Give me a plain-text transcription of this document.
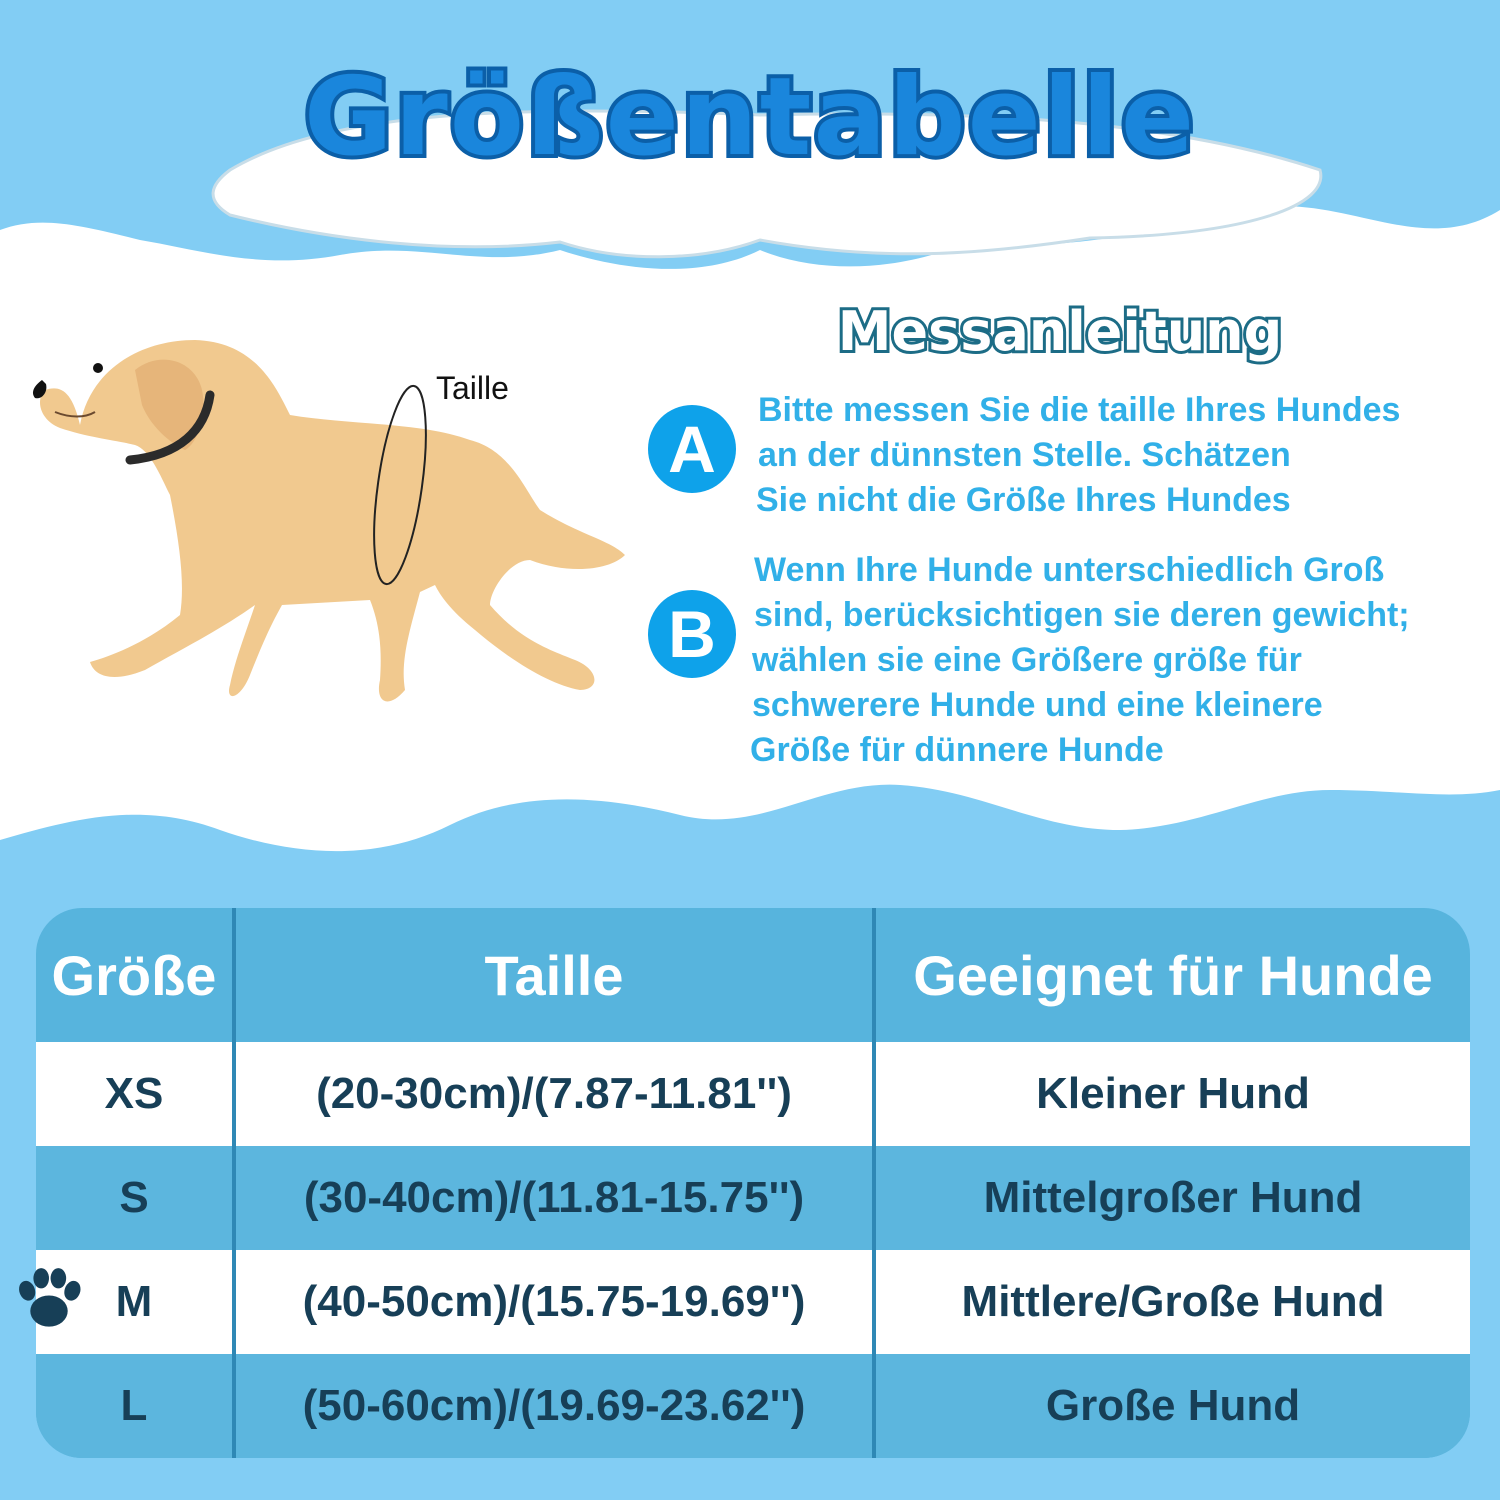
Größentabelle
Messanleitung
Taille
A
Bitte messen Sie die taille Ihres Hundes
an der dünnsten Stelle. Schätzen
Sie nicht die Größe Ihres Hundes
B
Wenn Ihre Hunde unterschiedlich Groß
sind, berücksichtigen sie deren gewicht;
wählen sie eine Größere größe für
schwerere Hunde und eine kleinere
Größe für dünnere Hunde
Größe	Taille	Geeignet für Hunde
XS	(20-30cm)/(7.87-11.81'')	Kleiner Hund
S	(30-40cm)/(11.81-15.75'')	Mittelgroßer Hund
M	(40-50cm)/(15.75-19.69'')	Mittlere/Große Hund
L	(50-60cm)/(19.69-23.62'')	Große Hund
